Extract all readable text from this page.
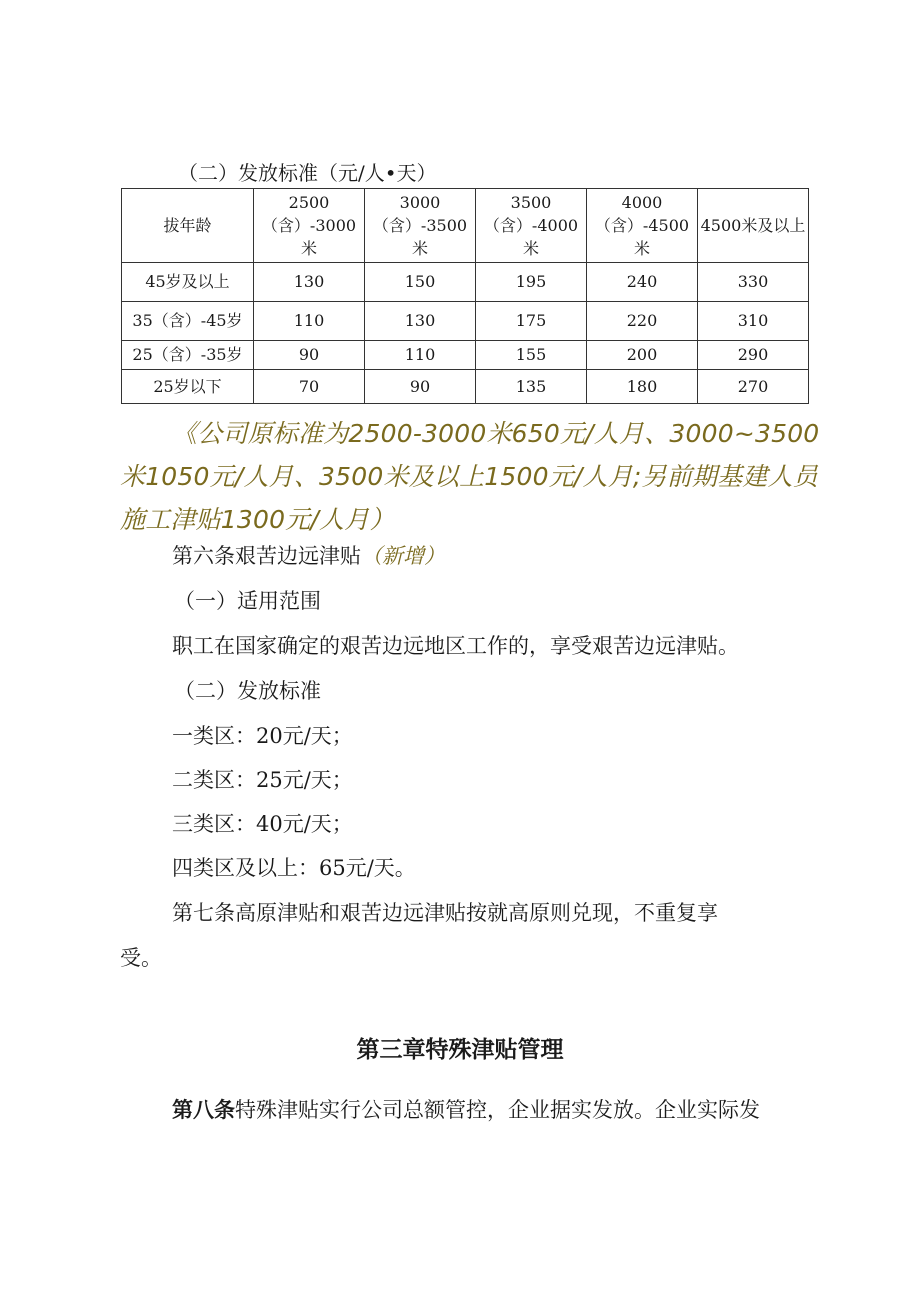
（二）发放标准（元/人•天）
拔年龄	2500（含）-3000米	3000（含）-3500米	3500（含）-4000米	4000（含）-4500米	4500米及以上
45岁及以上	130	150	195	240	330
35（含）-45岁	110	130	175	220	310
25（含）-35岁	90	110	155	200	290
25岁以下	70	90	135	180	270
《公司原标准为2500-3000米650元/人月、3000~3500米1050元/人月、3500米及以上1500元/人月;另前期基建人员施工津贴1300元/人月）
第六条艰苦边远津贴（新增）
（一）适用范围
职工在国家确定的艰苦边远地区工作的，享受艰苦边远津贴。
（二）发放标准
一类区：20元/天；
二类区：25元/天；
三类区：40元/天；
四类区及以上：65元/天。
第七条高原津贴和艰苦边远津贴按就高原则兑现，不重复享
受。
第三章特殊津贴管理
第八条特殊津贴实行公司总额管控，企业据实发放。企业实际发
